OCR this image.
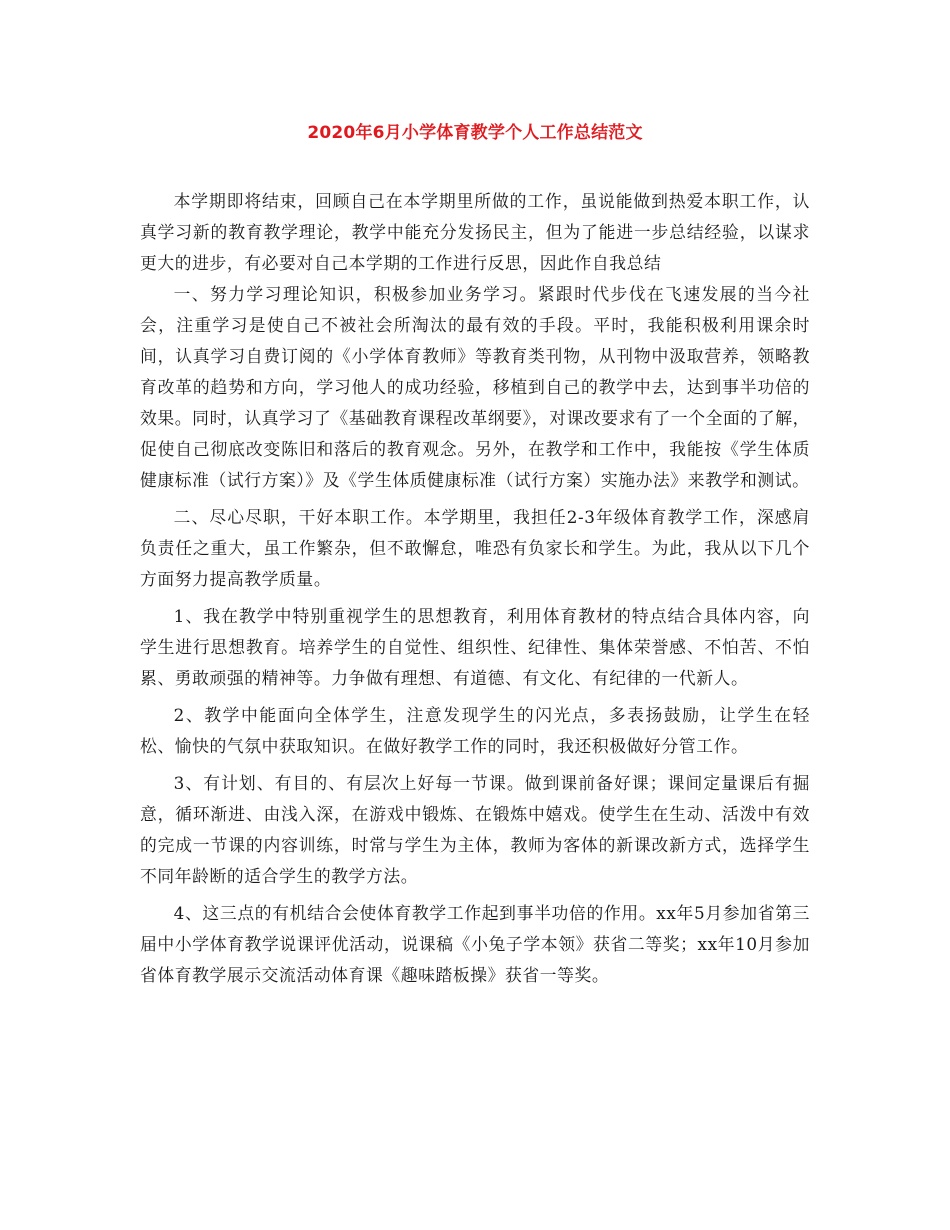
2020年6月小学体育教学个人工作总结范文

本学期即将结束，回顾自己在本学期里所做的工作，虽说能做到热爱本职工作，认真学习新的教育教学理论，教学中能充分发扬民主，但为了能进一步总结经验，以谋求更大的进步，有必要对自己本学期的工作进行反思，因此作自我总结

一、努力学习理论知识，积极参加业务学习。紧跟时代步伐在飞速发展的当今社会，注重学习是使自己不被社会所淘汰的最有效的手段。平时，我能积极利用课余时间，认真学习自费订阅的《小学体育教师》等教育类刊物，从刊物中汲取营养，领略教育改革的趋势和方向，学习他人的成功经验，移植到自己的教学中去，达到事半功倍的效果。同时，认真学习了《基础教育课程改革纲要》，对课改要求有了一个全面的了解，促使自己彻底改变陈旧和落后的教育观念。另外，在教学和工作中，我能按《学生体质健康标准（试行方案）》及《学生体质健康标准（试行方案）实施办法》来教学和测试。

二、尽心尽职，干好本职工作。本学期里，我担任2-3年级体育教学工作，深感肩负责任之重大，虽工作繁杂，但不敢懈怠，唯恐有负家长和学生。为此，我从以下几个方面努力提高教学质量。

1、我在教学中特别重视学生的思想教育，利用体育教材的特点结合具体内容，向学生进行思想教育。培养学生的自觉性、组织性、纪律性、集体荣誉感、不怕苦、不怕累、勇敢顽强的精神等。力争做有理想、有道德、有文化、有纪律的一代新人。

2、教学中能面向全体学生，注意发现学生的闪光点，多表扬鼓励，让学生在轻松、愉快的气氛中获取知识。在做好教学工作的同时，我还积极做好分管工作。

3、有计划、有目的、有层次上好每一节课。做到课前备好课；课间定量课后有掘意，循环渐进、由浅入深，在游戏中锻炼、在锻炼中嬉戏。使学生在生动、活泼中有效的完成一节课的内容训练，时常与学生为主体，教师为客体的新课改新方式，选择学生不同年龄断的适合学生的教学方法。

4、这三点的有机结合会使体育教学工作起到事半功倍的作用。xx年5月参加省第三届中小学体育教学说课评优活动，说课稿《小兔子学本领》获省二等奖；xx年10月参加省体育教学展示交流活动体育课《趣味踏板操》获省一等奖。
